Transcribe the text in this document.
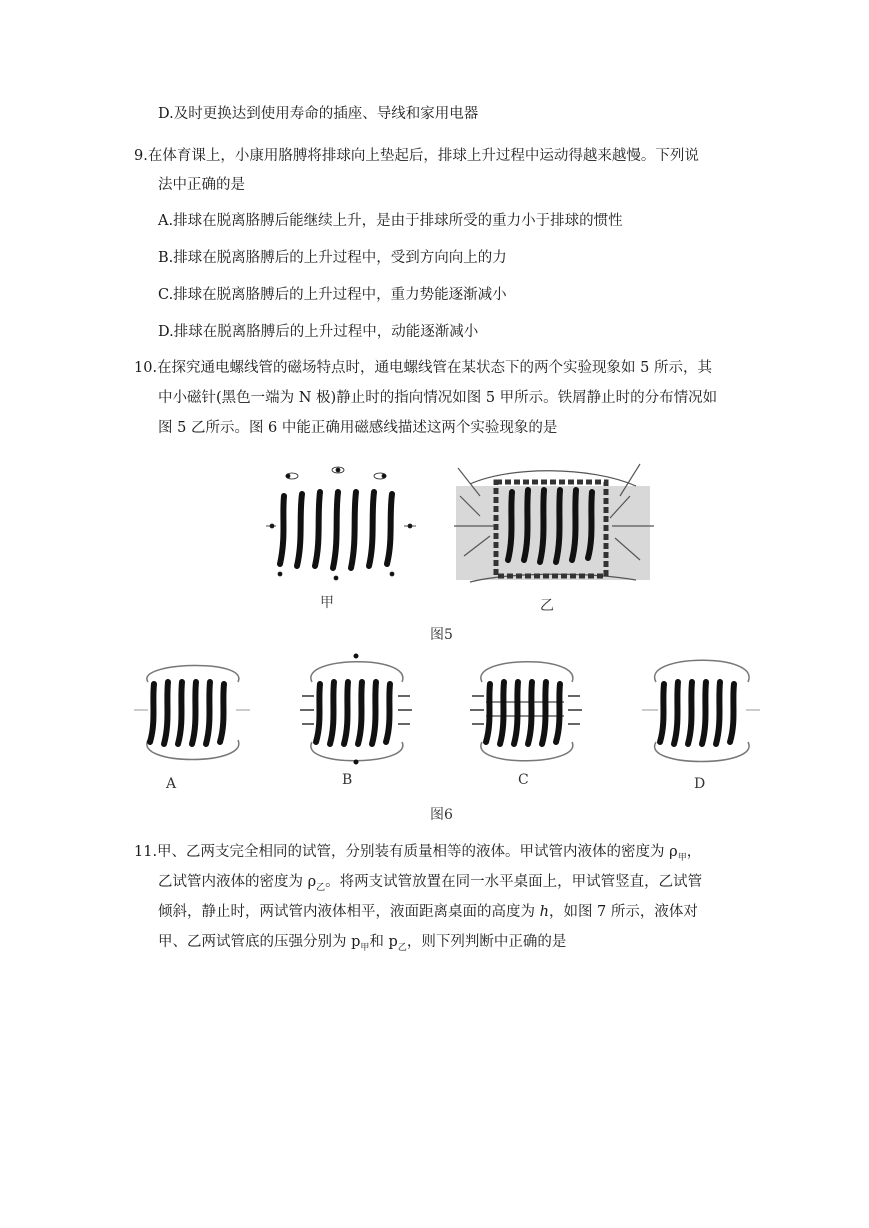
D.及时更换达到使用寿命的插座、导线和家用电器
9.在体育课上，小康用胳膊将排球向上垫起后，排球上升过程中运动得越来越慢。下列说
法中正确的是
A.排球在脱离胳膊后能继续上升，是由于排球所受的重力小于排球的惯性
B.排球在脱离胳膊后的上升过程中，受到方向向上的力
C.排球在脱离胳膊后的上升过程中，重力势能逐渐减小
D.排球在脱离胳膊后的上升过程中，动能逐渐减小
10.在探究通电螺线管的磁场特点时，通电螺线管在某状态下的两个实验现象如 5 所示，其
中小磁针(黑色一端为 N 极)静止时的指向情况如图 5 甲所示。铁屑静止时的分布情况如
图 5 乙所示。图 6 中能正确用磁感线描述这两个实验现象的是
甲	乙
图5
A	B	C	D
图6
11.甲、乙两支完全相同的试管，分别装有质量相等的液体。甲试管内液体的密度为 $\rho_甲$，
乙试管内液体的密度为 $\rho_乙$。将两支试管放置在同一水平桌面上，甲试管竖直，乙试管
倾斜，静止时，两试管内液体相平，液面距离桌面的高度为 h，如图 7 所示，液体对
甲、乙两试管底的压强分别为 $p_甲$和 $p_乙$，则下列判断中正确的是
